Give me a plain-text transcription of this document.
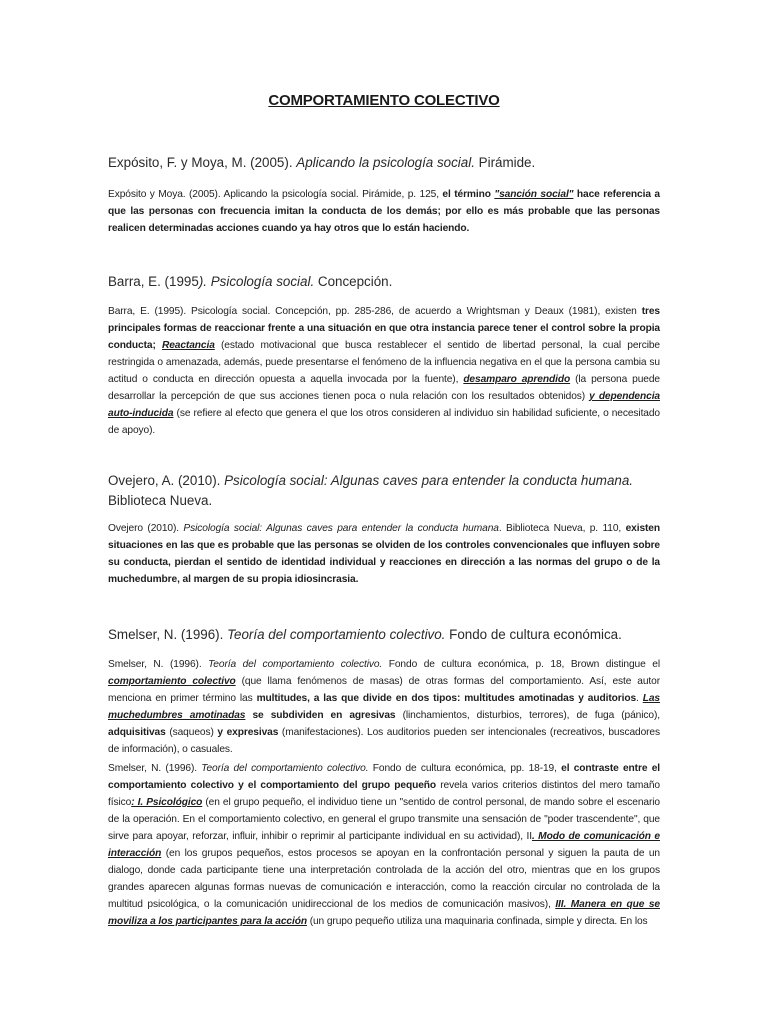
COMPORTAMIENTO COLECTIVO
Expósito, F. y Moya, M. (2005). Aplicando la psicología social. Pirámide.
Expósito y Moya. (2005). Aplicando la psicología social. Pirámide, p. 125, el término "sanción social" hace referencia a que las personas con frecuencia imitan la conducta de los demás; por ello es más probable que las personas realicen determinadas acciones cuando ya hay otros que lo están haciendo.
Barra, E. (1995). Psicología social. Concepción.
Barra, E. (1995). Psicología social. Concepción, pp. 285-286, de acuerdo a Wrightsman y Deaux (1981), existen tres principales formas de reaccionar frente a una situación en que otra instancia parece tener el control sobre la propia conducta; Reactancia (estado motivacional que busca restablecer el sentido de libertad personal, la cual percibe restringida o amenazada, además, puede presentarse el fenómeno de la influencia negativa en el que la persona cambia su actitud o conducta en dirección opuesta a aquella invocada por la fuente), desamparo aprendido (la persona puede desarrollar la percepción de que sus acciones tienen poca o nula relación con los resultados obtenidos) y dependencia auto-inducida (se refiere al efecto que genera el que los otros consideren al individuo sin habilidad suficiente, o necesitado de apoyo).
Ovejero, A. (2010). Psicología social: Algunas caves para entender la conducta humana. Biblioteca Nueva.
Ovejero (2010). Psicología social: Algunas caves para entender la conducta humana. Biblioteca Nueva, p. 110, existen situaciones en las que es probable que las personas se olviden de los controles convencionales que influyen sobre su conducta, pierdan el sentido de identidad individual y reacciones en dirección a las normas del grupo o de la muchedumbre, al margen de su propia idiosincrasia.
Smelser, N. (1996). Teoría del comportamiento colectivo. Fondo de cultura económica.
Smelser, N. (1996). Teoría del comportamiento colectivo. Fondo de cultura económica, p. 18, Brown distingue el comportamiento colectivo (que llama fenómenos de masas) de otras formas del comportamiento. Así, este autor menciona en primer término las multitudes, a las que divide en dos tipos: multitudes amotinadas y auditorios. Las muchedumbres amotinadas se subdividen en agresivas (linchamientos, disturbios, terrores), de fuga (pánico), adquisitivas (saqueos) y expresivas (manifestaciones). Los auditorios pueden ser intencionales (recreativos, buscadores de información), o casuales.
Smelser, N. (1996). Teoría del comportamiento colectivo. Fondo de cultura económica, pp. 18-19, el contraste entre el comportamiento colectivo y el comportamiento del grupo pequeño revela varios criterios distintos del mero tamaño físico: I. Psicológico (en el grupo pequeño, el individuo tiene un "sentido de control personal, de mando sobre el escenario de la operación. En el comportamiento colectivo, en general el grupo transmite una sensación de "poder trascendente", que sirve para apoyar, reforzar, influir, inhibir o reprimir al participante individual en su actividad), II. Modo de comunicación e interacción (en los grupos pequeños, estos procesos se apoyan en la confrontación personal y siguen la pauta de un dialogo, donde cada participante tiene una interpretación controlada de la acción del otro, mientras que en los grupos grandes aparecen algunas formas nuevas de comunicación e interacción, como la reacción circular no controlada de la multitud psicológica, o la comunicación unidireccional de los medios de comunicación masivos), III. Manera en que se moviliza a los participantes para la acción (un grupo pequeño utiliza una maquinaria confinada, simple y directa. En los
